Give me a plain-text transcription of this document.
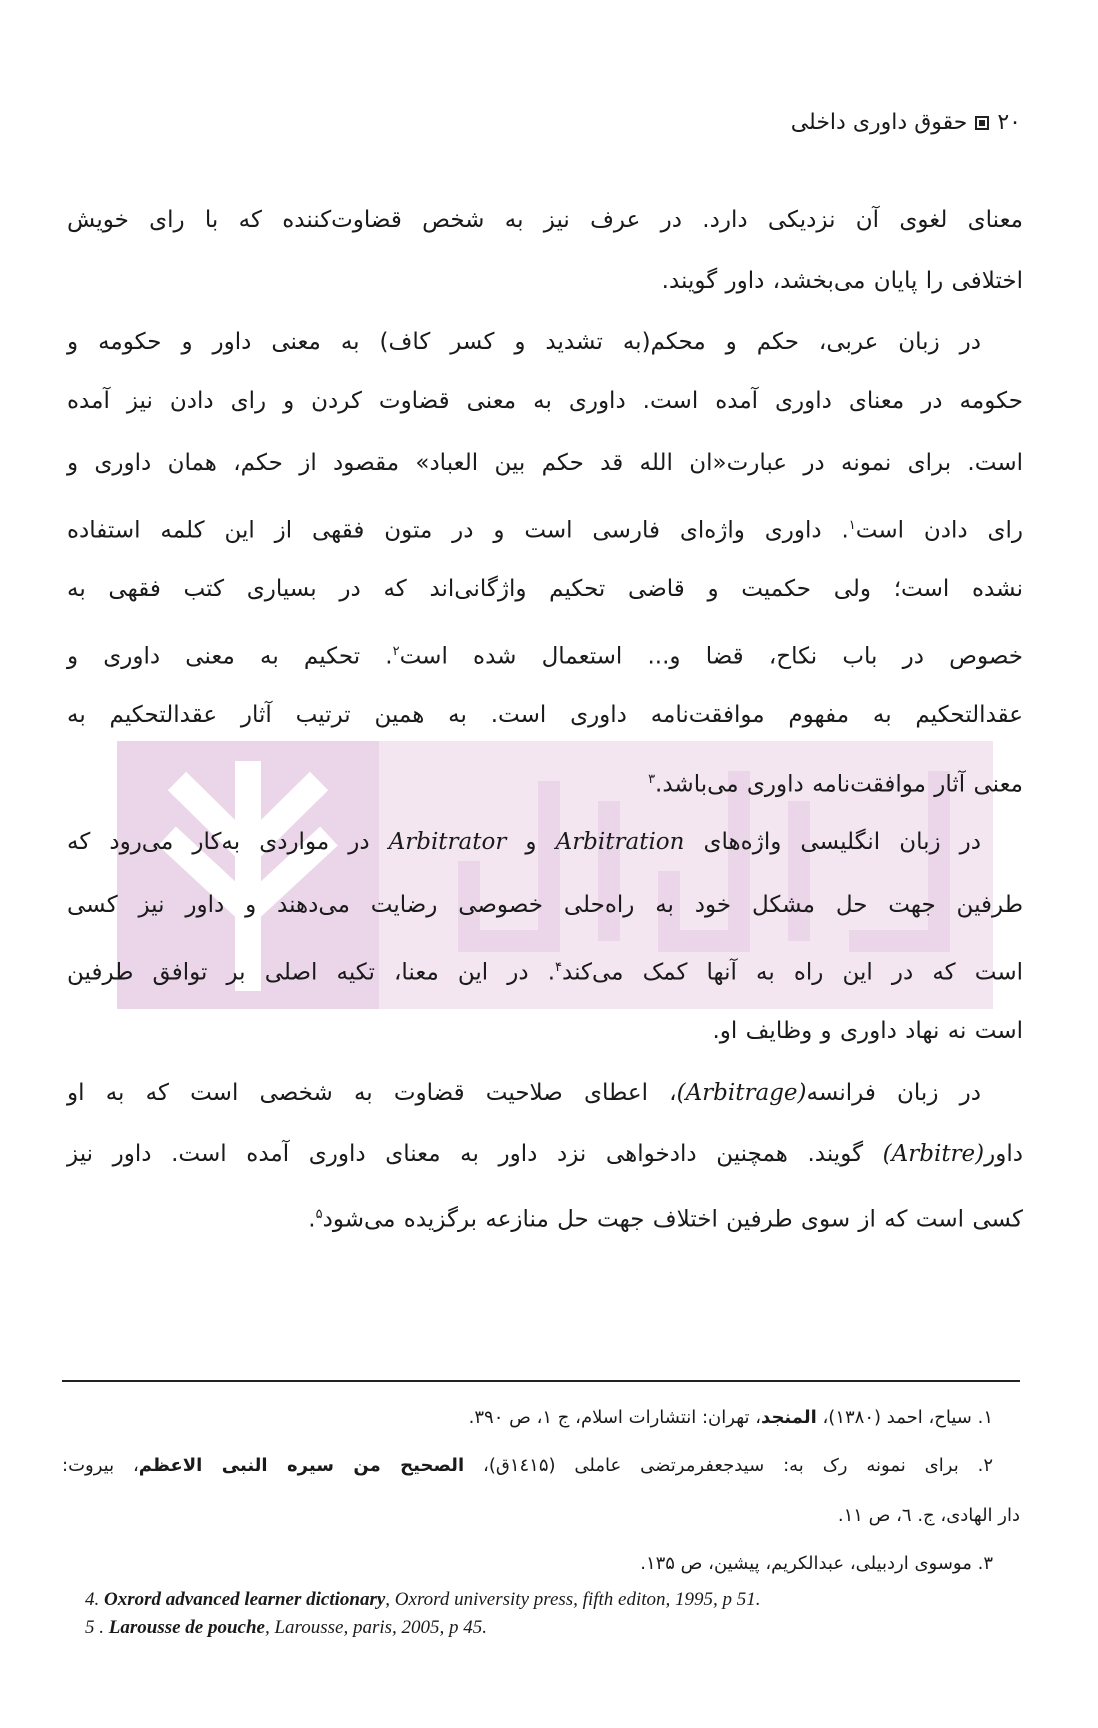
۲۰
حقوق داوری داخلی
معنای لغوی آن نزدیکی دارد. در عرف نیز به شخص قضاوت‌کننده که با رای خویش
اختلافی را پایان می‌بخشد، داور گویند.
در زبان عربی، حکم و محکم(به تشدید و کسر کاف) به معنی داور و حکومه و
حکومه در معنای داوری آمده است. داوری به معنی قضاوت کردن و رای دادن نیز آمده
است. برای نمونه در عبارت«ان الله قد حکم بین العباد» مقصود از حکم، همان داوری و
رای دادن است$^۱$. داوری واژه‌ای فارسی است و در متون فقهی از این کلمه استفاده
نشده است؛ ولی حکمیت و قاضی تحکیم واژگانی‌اند که در بسیاری کتب فقهی به
خصوص در باب نکاح، قضا و... استعمال شده است$^۲$. تحکیم به معنی داوری و
عقدالتحکیم به مفهوم موافقت‌نامه داوری است. به همین ترتیب آثار عقدالتحکیم به
معنی آثار موافقت‌نامه داوری می‌باشد.$^۳$
در زبان انگلیسی واژه‌های Arbitration و Arbitrator در مواردی به‌کار می‌رود که
طرفین جهت حل مشکل خود به راه‌حلی خصوصی رضایت می‌دهند و داور نیز کسی
است که در این راه به آنها کمک می‌کند$^۴$. در این معنا، تکیه اصلی بر توافق طرفین
است نه نهاد داوری و وظایف او.
در زبان فرانسه(Arbitrage)، اعطای صلاحیت قضاوت به شخصی است که به او
داور(Arbitre) گویند. همچنین دادخواهی نزد داور به معنای داوری آمده است. داور نیز
کسی است که از سوی طرفین اختلاف جهت حل منازعه برگزیده می‌شود$^۵$.
۱. سیاح، احمد (۱۳۸۰)، المنجد، تهران: انتشارات اسلام، ج ۱، ص ۳۹۰.
۲. برای نمونه رک به: سیدجعفرمرتضی عاملی (۱٤۱۵ق)، الصحیح من سیره النبی الاعظم، بیروت:
دار الهادی، ج. ٦، ص ۱۱.
۳. موسوی اردبیلی، عبدالکریم، پیشین، ص ۱۳۵.
4. Oxrord advanced learner dictionary, Oxrord university press, fifth editon, 1995, p 51.
5 . Larousse de pouche, Larousse, paris, 2005, p 45.
